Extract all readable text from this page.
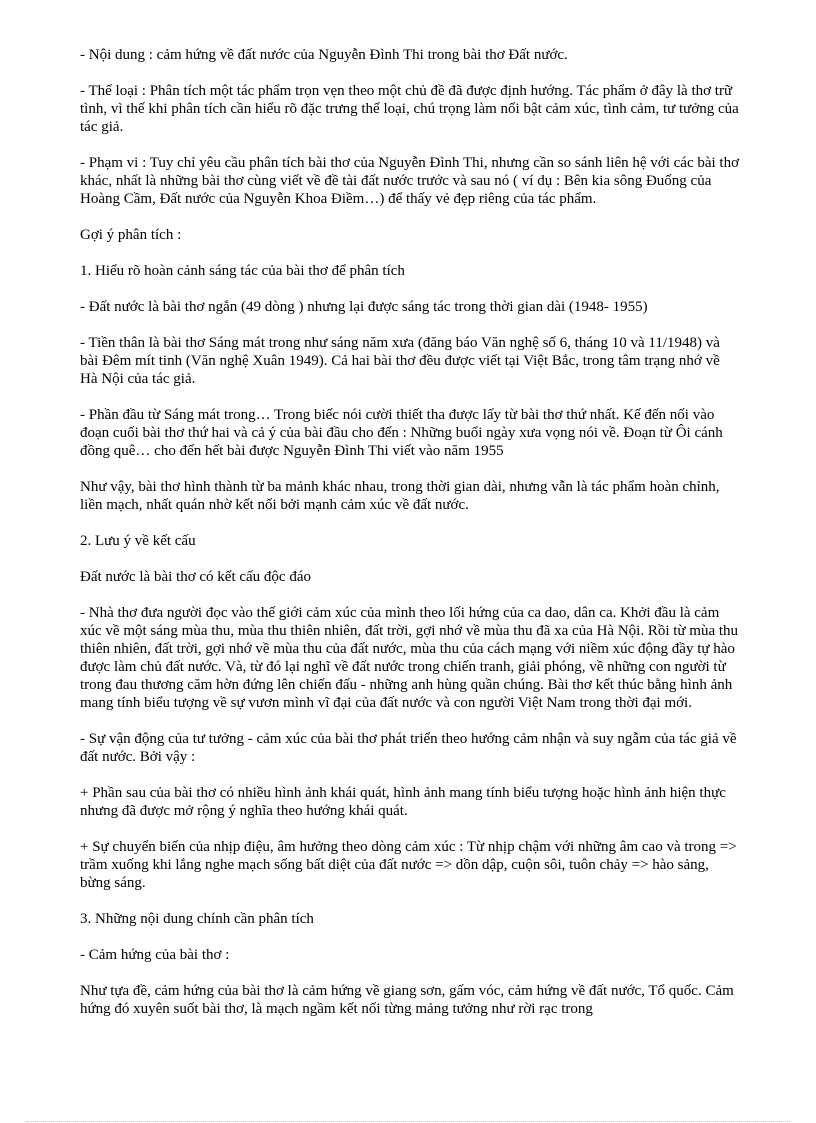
- Nội dung : cảm hứng về đất nước của Nguyễn Đình Thi trong bài thơ Đất nước.

- Thể loại : Phân tích một tác phẩm trọn vẹn theo một chủ đề đã được định hướng. Tác phẩm ở đây là thơ trữ tình, vì thế khi phân tích cần hiểu rõ đặc trưng thể loại, chú trọng làm nổi bật cảm xúc, tình cảm, tư tưởng của tác giả.

- Phạm vi : Tuy chỉ yêu cầu phân tích bài thơ của Nguyễn Đình Thi, nhưng cần so sánh liên hệ với các bài thơ khác, nhất là những bài thơ cùng viết về đề tài đất nước trước và sau nó ( ví dụ : Bên kia sông Đuống của Hoàng Cầm, Đất nước của Nguyễn Khoa Điềm…) để thấy vẻ đẹp riêng của tác phẩm.

Gợi ý phân tích :

1. Hiểu rõ hoàn cảnh sáng tác của bài thơ để phân tích

- Đất nước là bài thơ ngắn (49 dòng ) nhưng lại được sáng tác trong thời gian dài (1948- 1955)

- Tiền thân là bài thơ Sáng mát trong như sáng năm xưa (đăng báo Văn nghệ số 6, tháng 10 và 11/1948) và bài Đêm mít tinh (Văn nghệ Xuân 1949). Cả hai bài thơ đều được viết tại Việt Bắc, trong tâm trạng nhớ về Hà Nội của tác giả.

- Phần đầu từ Sáng mát trong… Trong biếc nói cười thiết tha được lấy từ bài thơ thứ nhất. Kế đến nối vào đoạn cuối bài thơ thứ hai và cả ý của bài đầu cho đến : Những buổi ngày xưa vọng nói về. Đoạn từ Ôi cánh đồng quê… cho đến hết bài được Nguyễn Đình Thi viết vào năm 1955

Như vậy, bài thơ hình thành từ ba mảnh khác nhau, trong thời gian dài, nhưng vẫn là tác phẩm hoàn chỉnh, liền mạch, nhất quán nhờ kết nối bởi mạnh cảm xúc về đất nước.

2. Lưu ý về kết cấu

Đất nước là bài thơ có kết cấu độc đáo

- Nhà thơ đưa người đọc vào thế giới cảm xúc của mình theo lối hứng của ca dao, dân ca. Khởi đầu là cảm xúc về một sáng mùa thu, mùa thu thiên nhiên, đất trời, gợi nhớ về mùa thu đã xa của Hà Nội. Rồi từ mùa thu thiên nhiên, đất trời, gợi nhớ về mùa thu của đất nước, mùa thu của cách mạng với niềm xúc động đầy tự hào được làm chủ đất nước. Và, từ đó lại nghĩ về đất nước trong chiến tranh, giải phóng, về những con người từ trong đau thương căm hờn đứng lên chiến đấu - những anh hùng quần chúng. Bài thơ kết thúc bằng hình ảnh mang tính biểu tượng về sự vươn mình vĩ đại của đất nước và con người Việt Nam trong thời đại mới.

- Sự vận động của tư tưởng - cảm xúc của bài thơ phát triển theo hướng cảm nhận và suy ngẫm của tác giả về đất nước. Bởi vậy :

+ Phần sau của bài thơ có nhiều hình ảnh khái quát, hình ảnh mang tính biểu tượng hoặc hình ảnh hiện thực nhưng đã được mở rộng ý nghĩa theo hướng khái quát.

+ Sự chuyển biến của nhịp điệu, âm hưởng theo dòng cảm xúc : Từ nhịp chậm với những âm cao và trong => trầm xuống khi lắng nghe mạch sống bất diệt của đất nước => dồn dập, cuộn sôi, tuôn chảy => hào sảng, bừng sáng.

3. Những nội dung chính cần phân tích

- Cảm hứng của bài thơ :

Như tựa đề, cảm hứng của bài thơ là cảm hứng về giang sơn, gấm vóc, cảm hứng về đất nước, Tổ quốc. Cảm hứng đó xuyên suốt bài thơ, là mạch ngầm kết nối từng mảng tưởng như rời rạc trong
